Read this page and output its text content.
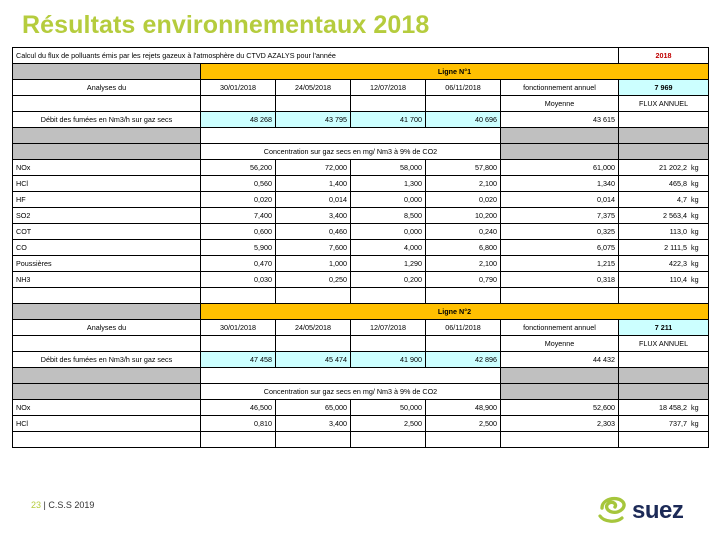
Résultats environnementaux 2018
Calcul du flux de polluants émis par les rejets gazeux à l'atmosphère du CTVD AZALYS pour l'année						2018
	Ligne N°1					
Analyses du	30/01/2018	24/05/2018	12/07/2018	06/11/2018	fonctionnement annuel	7 969
					Moyenne	FLUX ANNUEL
Débit des fumées en Nm3/h sur gaz secs	48 268	43 795	41 700	40 696	43 615	

	Concentration sur gaz secs en mg/ Nm3 à 9% de CO2					
NOx	56,200	72,000	58,000	57,800	61,000	21 202,2 kg

HCl	0,560	1,400	1,300	2,100	1,340	465,8 kg

HF	0,020	0,014	0,000	0,020	0,014	4,7 kg

SO2	7,400	3,400	8,500	10,200	7,375	2 563,4 kg

COT	0,600	0,460	0,000	0,240	0,325	113,0 kg

CO	5,900	7,600	4,000	6,800	6,075	2 111,5 kg

Poussières	0,470	1,000	1,290	2,100	1,215	422,3 kg

NH3	0,030	0,250	0,200	0,790	0,318	110,4 kg

	Ligne N°2					
Analyses du	30/01/2018	24/05/2018	12/07/2018	06/11/2018	fonctionnement annuel	7 211
					Moyenne	FLUX ANNUEL
Débit des fumées en Nm3/h sur gaz secs	47 458	45 474	41 900	42 896	44 432	

	Concentration sur gaz secs en mg/ Nm3 à 9% de CO2					
NOx	46,500	65,000	50,000	48,900	52,600	18 458,2 kg

HCl	0,810	3,400	2,500	2,500	2,303	737,7 kg

23 | C.S.S 2019	suez
